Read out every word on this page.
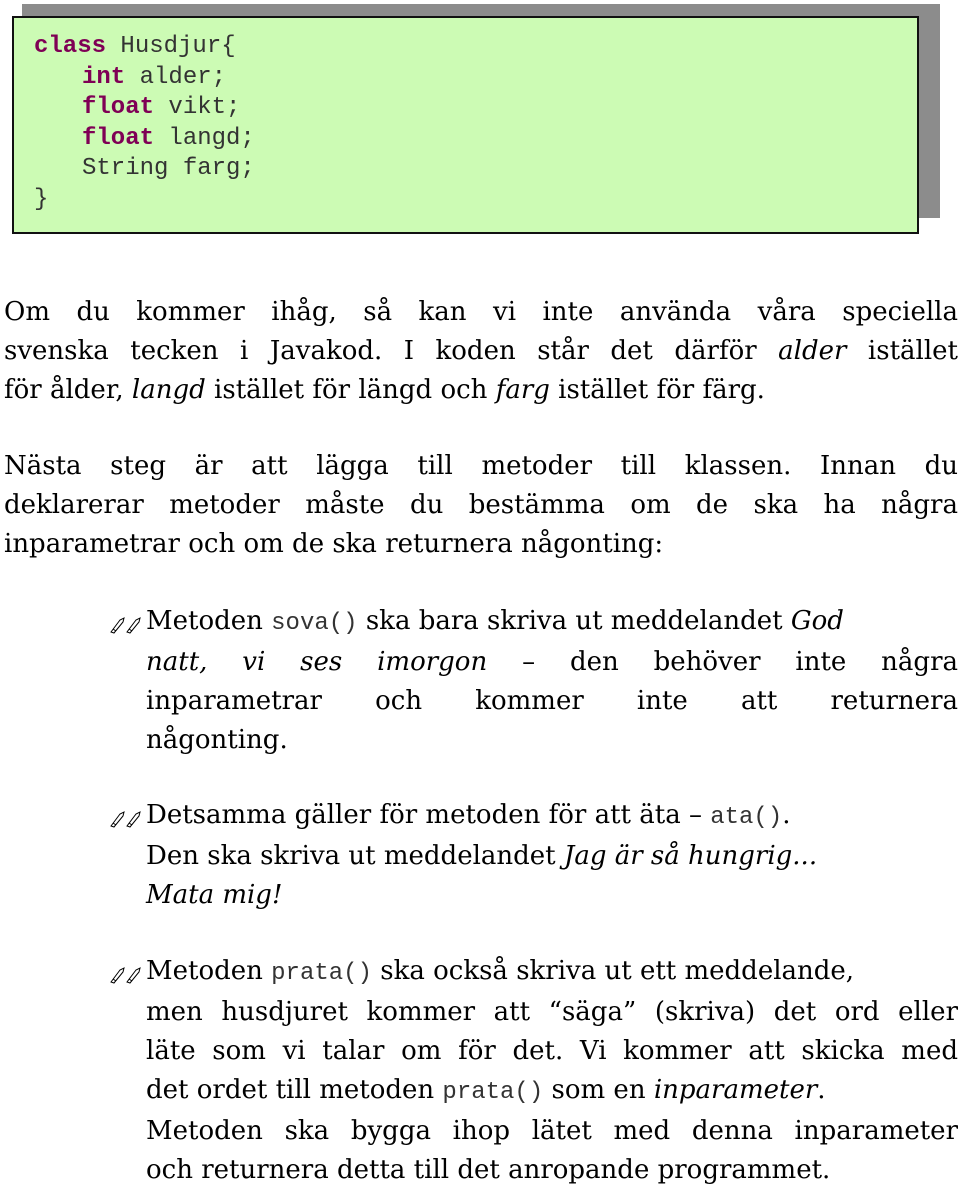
class Husdjur{
int alder;
float vikt;
float langd;
String farg;
}
Om du kommer ihåg, så kan vi inte använda våra speciella
svenska tecken i Javakod. I koden står det därför alder istället
för ålder, langd istället för längd och farg istället för färg.
Nästa steg är att lägga till metoder till klassen. Innan du
deklarerar metoder måste du bestämma om de ska ha några
inparametrar och om de ska returnera någonting:
Metoden sova() ska bara skriva ut meddelandet God
natt, vi ses imorgon – den behöver inte några
inparametrar och kommer inte att returnera
någonting.
Detsamma gäller för metoden för att äta – ata().
Den ska skriva ut meddelandet Jag är så hungrig...
Mata mig!
Metoden prata() ska också skriva ut ett meddelande,
men husdjuret kommer att “säga” (skriva) det ord eller
läte som vi talar om för det. Vi kommer att skicka med
det ordet till metoden prata() som en inparameter.
Metoden ska bygga ihop lätet med denna inparameter
och returnera detta till det anropande programmet.
